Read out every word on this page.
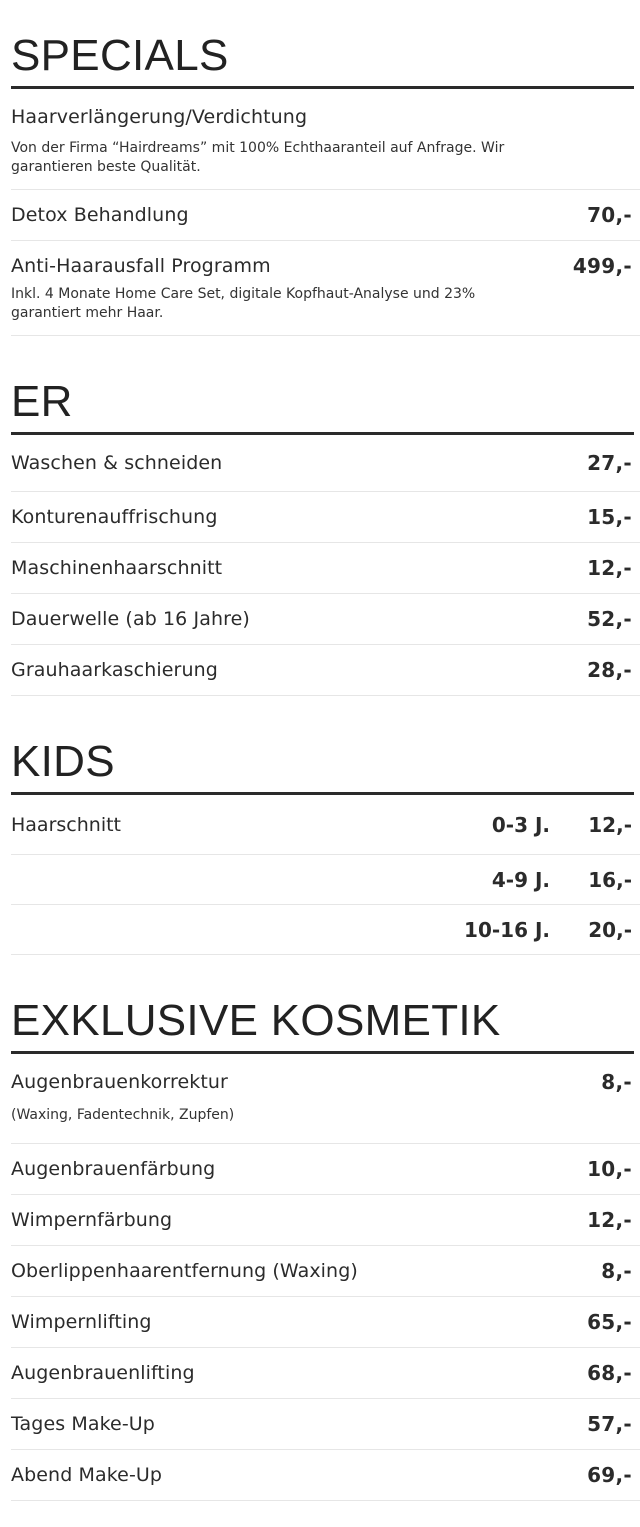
SPECIALS
Haarverlängerung/Verdichtung
Von der Firma “Hairdreams” mit 100% Echthaaranteil auf Anfrage. Wir garantieren beste Qualität.
Detox Behandlung	70,-
Anti-Haarausfall Programm	499,-
Inkl. 4 Monate Home Care Set, digitale Kopfhaut-Analyse und 23% garantiert mehr Haar.
ER
Waschen & schneiden	27,-
Konturenauffrischung	15,-
Maschinenhaarschnitt	12,-
Dauerwelle (ab 16 Jahre)	52,-
Grauhaarkaschierung	28,-
KIDS
Haarschnitt	0-3 J.	12,-
4-9 J.	16,-
10-16 J.	20,-
EXKLUSIVE KOSMETIK
Augenbrauenkorrektur	8,-
(Waxing, Fadentechnik, Zupfen)
Augenbrauenfärbung	10,-
Wimpernfärbung	12,-
Oberlippenhaarentfernung (Waxing)	8,-
Wimpernlifting	65,-
Augenbrauenlifting	68,-
Tages Make-Up	57,-
Abend Make-Up	69,-
